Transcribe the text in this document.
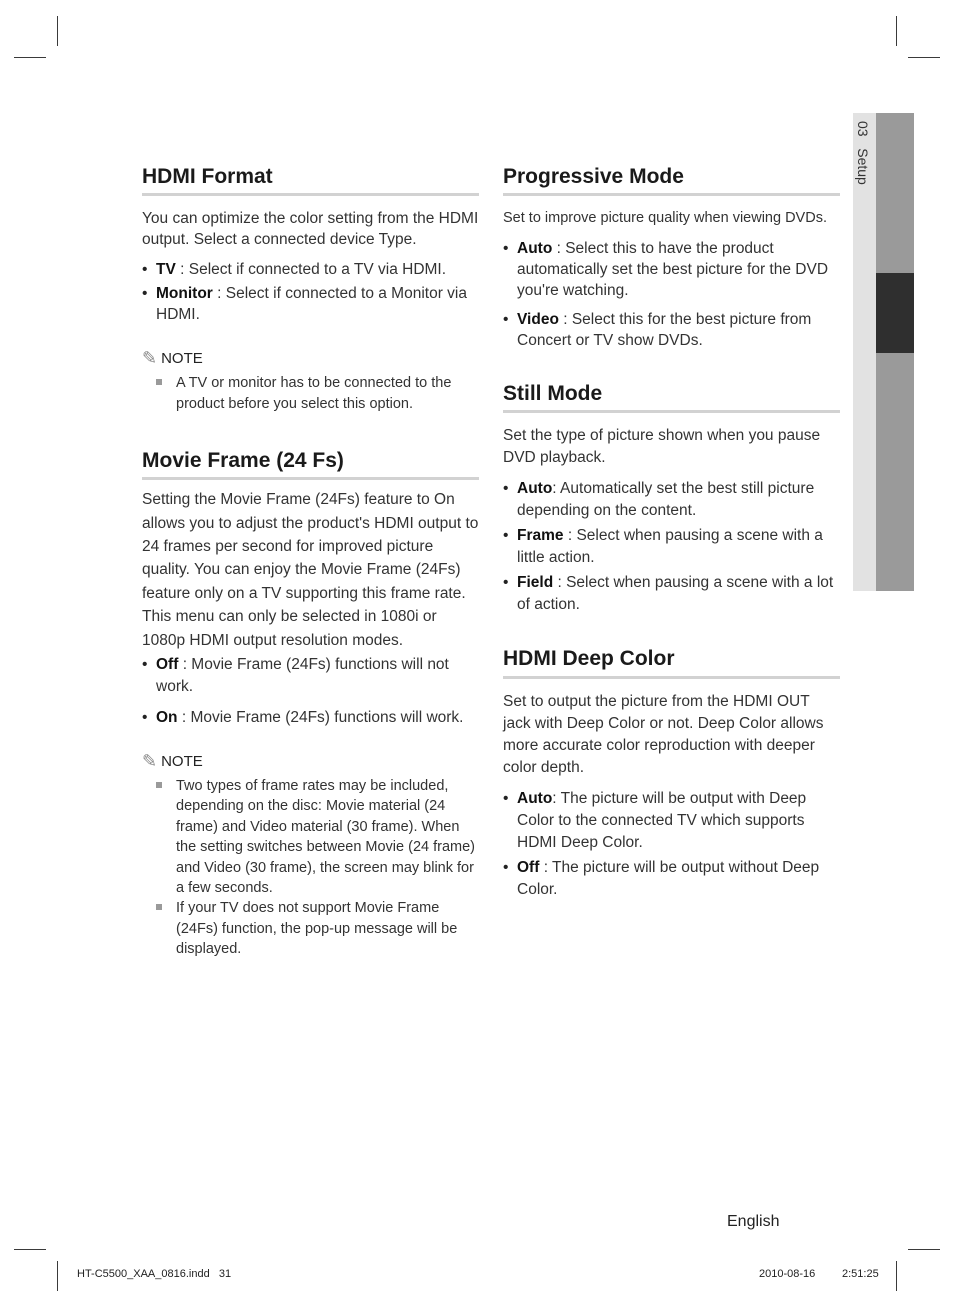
03   Setup
HDMI Format

You can optimize the color setting from the HDMI output. Select a connected device Type.

• TV : Select if connected to a TV via HDMI.
• Monitor : Select if connected to a Monitor via HDMI.
✎ NOTE
A TV or monitor has to be connected to the product before you select this option.
Movie Frame (24 Fs)

Setting the Movie Frame (24Fs) feature to On allows you to adjust the product's HDMI output to 24 frames per second for improved picture quality. You can enjoy the Movie Frame (24Fs) feature only on a TV supporting this frame rate. This menu can only be selected in 1080i or 1080p HDMI output resolution modes.

• Off : Movie Frame (24Fs) functions will not work.
• On : Movie Frame (24Fs) functions will work.
✎ NOTE
Two types of frame rates may be included, depending on the disc: Movie material (24 frame) and Video material (30 frame). When the setting switches between Movie (24 frame) and Video (30 frame), the screen may blink for a few seconds.
If your TV does not support Movie Frame (24Fs) function, the pop-up message will be displayed.
Progressive Mode

Set to improve picture quality when viewing DVDs.

• Auto : Select this to have the product automatically set the best picture for the DVD you're watching.
• Video : Select this for the best picture from Concert or TV show DVDs.
Still Mode

Set the type of picture shown when you pause DVD playback.

• Auto: Automatically set the best still picture depending on the content.
• Frame : Select when pausing a scene with a little action.
• Field : Select when pausing a scene with a lot of action.
HDMI Deep Color

Set to output the picture from the HDMI OUT jack with Deep Color or not. Deep Color allows more accurate color reproduction with deeper color depth.

• Auto: The picture will be output with Deep Color to the connected TV which supports HDMI Deep Color.
• Off : The picture will be output without Deep Color.
English
HT-C5500_XAA_0816.indd   31	2010-08-16 2:51:25
